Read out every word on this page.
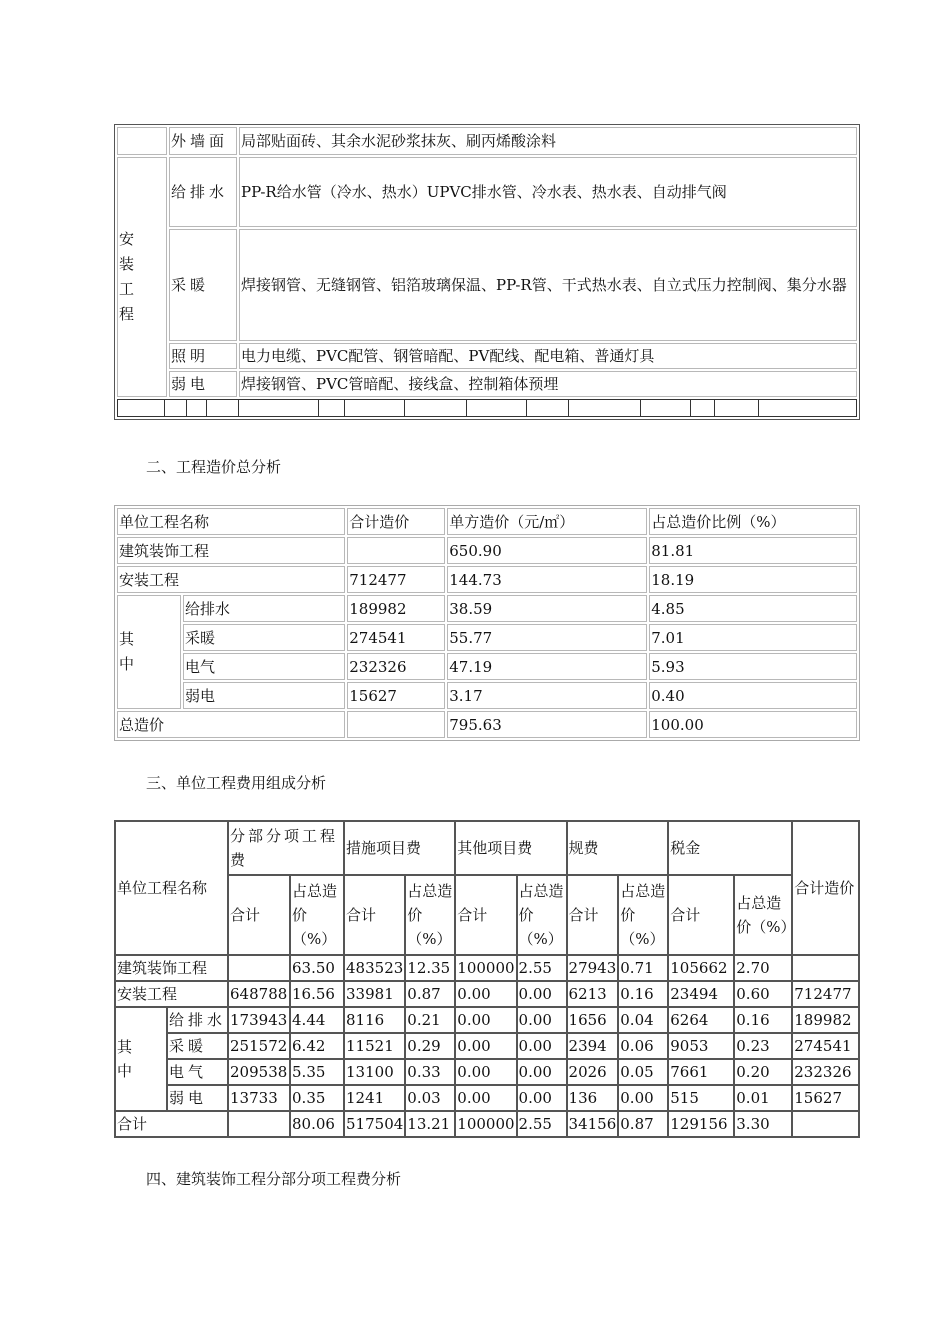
	外墙面	局部贴面砖、其余水泥砂浆抹灰、刷丙烯酸涂料

安装工程	给排水	PP-R给水管（冷水、热水）UPVC排水管、冷水表、热水表、自动排气阀
	采暖	焊接钢管、无缝钢管、铝箔玻璃保温、PP-R管、干式热水表、自立式压力控制阀、集分水器
	照明	电力电缆、PVC配管、钢管暗配、PV配线、配电箱、普通灯具
	弱电	焊接钢管、PVC管暗配、接线盒、控制箱体预埋

二、工程造价总分析
单位工程名称		合计造价	单方造价（元/㎡）	占总造价比例（%）
建筑装饰工程			650.90	81.81
安装工程		712477	144.73	18.19

其中	给排水	189982	38.59	4.85
	采暖	274541	55.77	7.01
	电气	232326	47.19	5.93
	弱电	15627	3.17	0.40
总造价			795.63	100.00
三、单位工程费用组成分析
单位工程名称		分部分项工程费		措施项目费		其他项目费		规费		税金		合计造价
		合计	占总造价（%）	合计	占总造价（%）	合计	占总造价（%）	合计	占总造价（%）	合计	占总造价（%）	
建筑装饰工程			63.50	483523	12.35	100000	2.55	27943	0.71	105662	2.70	
安装工程		648788	16.56	33981	0.87	0.00	0.00	6213	0.16	23494	0.60	712477

其中	给排水	173943	4.44	8116	0.21	0.00	0.00	1656	0.04	6264	0.16	189982
	采暖	251572	6.42	11521	0.29	0.00	0.00	2394	0.06	9053	0.23	274541
	电气	209538	5.35	13100	0.33	0.00	0.00	2026	0.05	7661	0.20	232326
	弱电	13733	0.35	1241	0.03	0.00	0.00	136	0.00	515	0.01	15627
合计			80.06	517504	13.21	100000	2.55	34156	0.87	129156	3.30	
四、建筑装饰工程分部分项工程费分析
